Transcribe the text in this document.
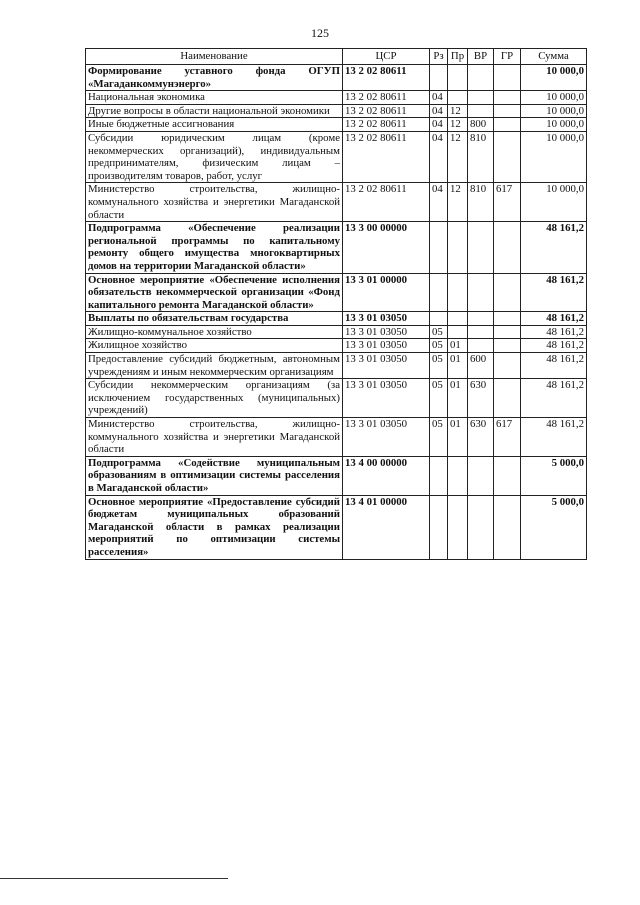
125
Наименование	ЦСР	Рз	Пр	ВР	ГР	Сумма
Формирование уставного фонда ОГУП «Магаданкоммунэнерго»	13 2 02 80611					10 000,0
Национальная экономика	13 2 02 80611	04				10 000,0
Другие вопросы в области национальной экономики	13 2 02 80611	04	12			10 000,0
Иные бюджетные ассигнования	13 2 02 80611	04	12	800		10 000,0
Субсидии юридическим лицам (кроме некоммерческих организаций), индивидуальным предпринимателям, физическим лицам – производителям товаров, работ, услуг	13 2 02 80611	04	12	810		10 000,0
Министерство строительства, жилищно-коммунального хозяйства и энергетики Магаданской области	13 2 02 80611	04	12	810	617	10 000,0
Подпрограмма «Обеспечение реализации региональной программы по капитальному ремонту общего имущества многоквартирных домов на территории Магаданской области»	13 3 00 00000					48 161,2
Основное мероприятие «Обеспечение исполнения обязательств некоммерческой организации «Фонд капитального ремонта Магаданской области»	13 3 01 00000					48 161,2
Выплаты по обязательствам государства	13 3 01 03050					48 161,2
Жилищно-коммунальное хозяйство	13 3 01 03050	05				48 161,2
Жилищное хозяйство	13 3 01 03050	05	01			48 161,2
Предоставление субсидий бюджетным, автономным учреждениям и иным некоммерческим организациям	13 3 01 03050	05	01	600		48 161,2
Субсидии некоммерческим организациям (за исключением государственных (муниципальных) учреждений)	13 3 01 03050	05	01	630		48 161,2
Министерство строительства, жилищно-коммунального хозяйства и энергетики Магаданской области	13 3 01 03050	05	01	630	617	48 161,2
Подпрограмма «Содействие муниципальным образованиям в оптимизации системы расселения в Магаданской области»	13 4 00 00000					5 000,0
Основное мероприятие «Предоставление субсидий бюджетам муниципальных образований Магаданской области в рамках реализации мероприятий по оптимизации системы расселения»	13 4 01 00000					5 000,0
